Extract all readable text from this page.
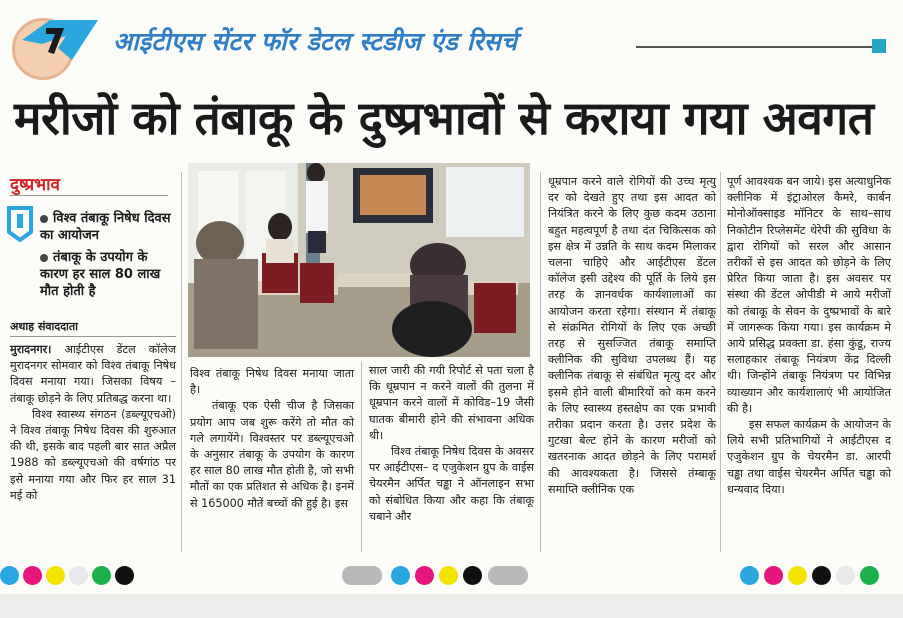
आईटीएस सेंटर फॉर डेटल स्टडीज एंड रिसर्च
मरीजों को तंबाकू के दुष्प्रभावों से कराया गया अवगत
दुष्प्रभाव
विश्व तंबाकू निषेध दिवस का आयोजन
तंबाकू के उपयोग के कारण हर साल 80 लाख मौत होती है
अथाह संवाददाता

मुरादनगर। आईटीएस डेंटल कॉलेज मुरादनगर सोमवार को विश्व तंबाकू निषेध दिवस मनाया गया। जिसका विषय – तंबाकू छोड़ने के लिए प्रतिबद्ध करना था।

विश्व स्वास्थ्य संगठन (डब्ल्यूएचओ) ने विश्व तंबाकू निषेध दिवस की शुरुआत की थी, इसके बाद पहली बार सात अप्रैल 1988 को डब्ल्यूएचओ की वर्षगांठ पर इसे मनाया गया और फिर हर साल 31 मई को

विश्व तंबाकू निषेध दिवस मनाया जाता है।

तंबाकू एक ऐसी चीज है जिसका प्रयोग आप जब शुरू करेंगे तो मौत को गले लगायेंगे। विश्वस्तर पर डब्ल्यूएचओ के अनुसार तंबाकू के उपयोग के कारण हर साल 80 लाख मौत होती है, जो सभी मौतों का एक प्रतिशत से अधिक है। इनमें से 165000 मौतें बच्चों की हुई है। इस

साल जारी की गयी रिपोर्ट से पता चला है कि धूम्रपान न करने वालों की तुलना में धूम्रपान करने वालों में कोविड–19 जैसी घातक बीमारी होने की संभावना अधिक थी।

विश्व तंबाकू निषेध दिवस के अवसर पर आईटीएस– द एजुकेशन ग्रुप के वाईस चेयरमैन अर्पित चड्ढा ने ऑनलाइन सभा को संबोधित किया और कहा कि तंबाकू चबाने और

धूम्रपान करने वाले रोगियों की उच्च मृत्यु दर को देखते हुए तथा इस आदत को नियंत्रित करने के लिए कुछ कदम उठाना बहुत महत्वपूर्ण है तथा दंत चिकित्सक को इस क्षेत्र में उन्नति के साथ कदम मिलाकर चलना चाहिऐ और आईटीएस डेंटल कॉलेज इसी उद्देश्य की पूर्ति के लिये इस तरह के ज्ञानवर्धक कार्यशालाओं का आयोजन करता रहेगा। संस्थान में तंबाकू से संक्रमित रोगियों के लिए एक अच्छी तरह से सुसज्जित तंबाकू समाप्ति क्लीनिक की सुविधा उपलब्ध हैं। यह क्लीनिक तंबाकू से संबंधित मृत्यु दर और इसमे होने वाली बीमारियों को कम करने के लिए स्वास्थ्य हस्तक्षेप का एक प्रभावी तरीका प्रदान करता है। उत्तर प्रदेश के गुटखा बेल्ट होने के कारण मरीजों को खतरनाक आदत छोड़ने के लिए परामर्श की आवश्यकता है। जिससे तंम्बाकू समाप्ति क्लीनिक एक

पूर्ण आवश्यक बन जाये। इस अत्याधुनिक क्लीनिक में इंट्राओरल कैमरे, कार्बन मोनोऑक्साइड मॉनिटर के साथ–साथ निकोटीन रिप्लेसमेंट थेरेपी की सुविधा के द्वारा रोगियों को सरल और आसान तरीकों से इस आदत को छोड़ने के लिए प्रेरित किया जाता है। इस अवसर पर संस्था की डेंटल ओपीडी मे आये मरीजों को तंबाकू के सेवन के दुष्प्रभावों के बारे में जागरूक किया गया। इस कार्यक्रम मे आये प्रसिद्ध प्रवक्ता डा. हंसा कुंडू, राज्य सलाहकार तंबाकू नियंत्रण केंद्र दिल्ली थी। जिन्होंने तंबाकू नियंत्रण पर विभिन्न व्याख्यान और कार्यशालाएं भी आयोजित की है।

इस सफल कार्यक्रम के आयोजन के लिये सभी प्रतिभागियों ने आईटीएस द एजुकेशन ग्रुप के चेयरमैन डा. आरपी चड्ढा तथा वाईस चेयरमैन अर्पित चड्ढा को धन्यवाद दिया।
